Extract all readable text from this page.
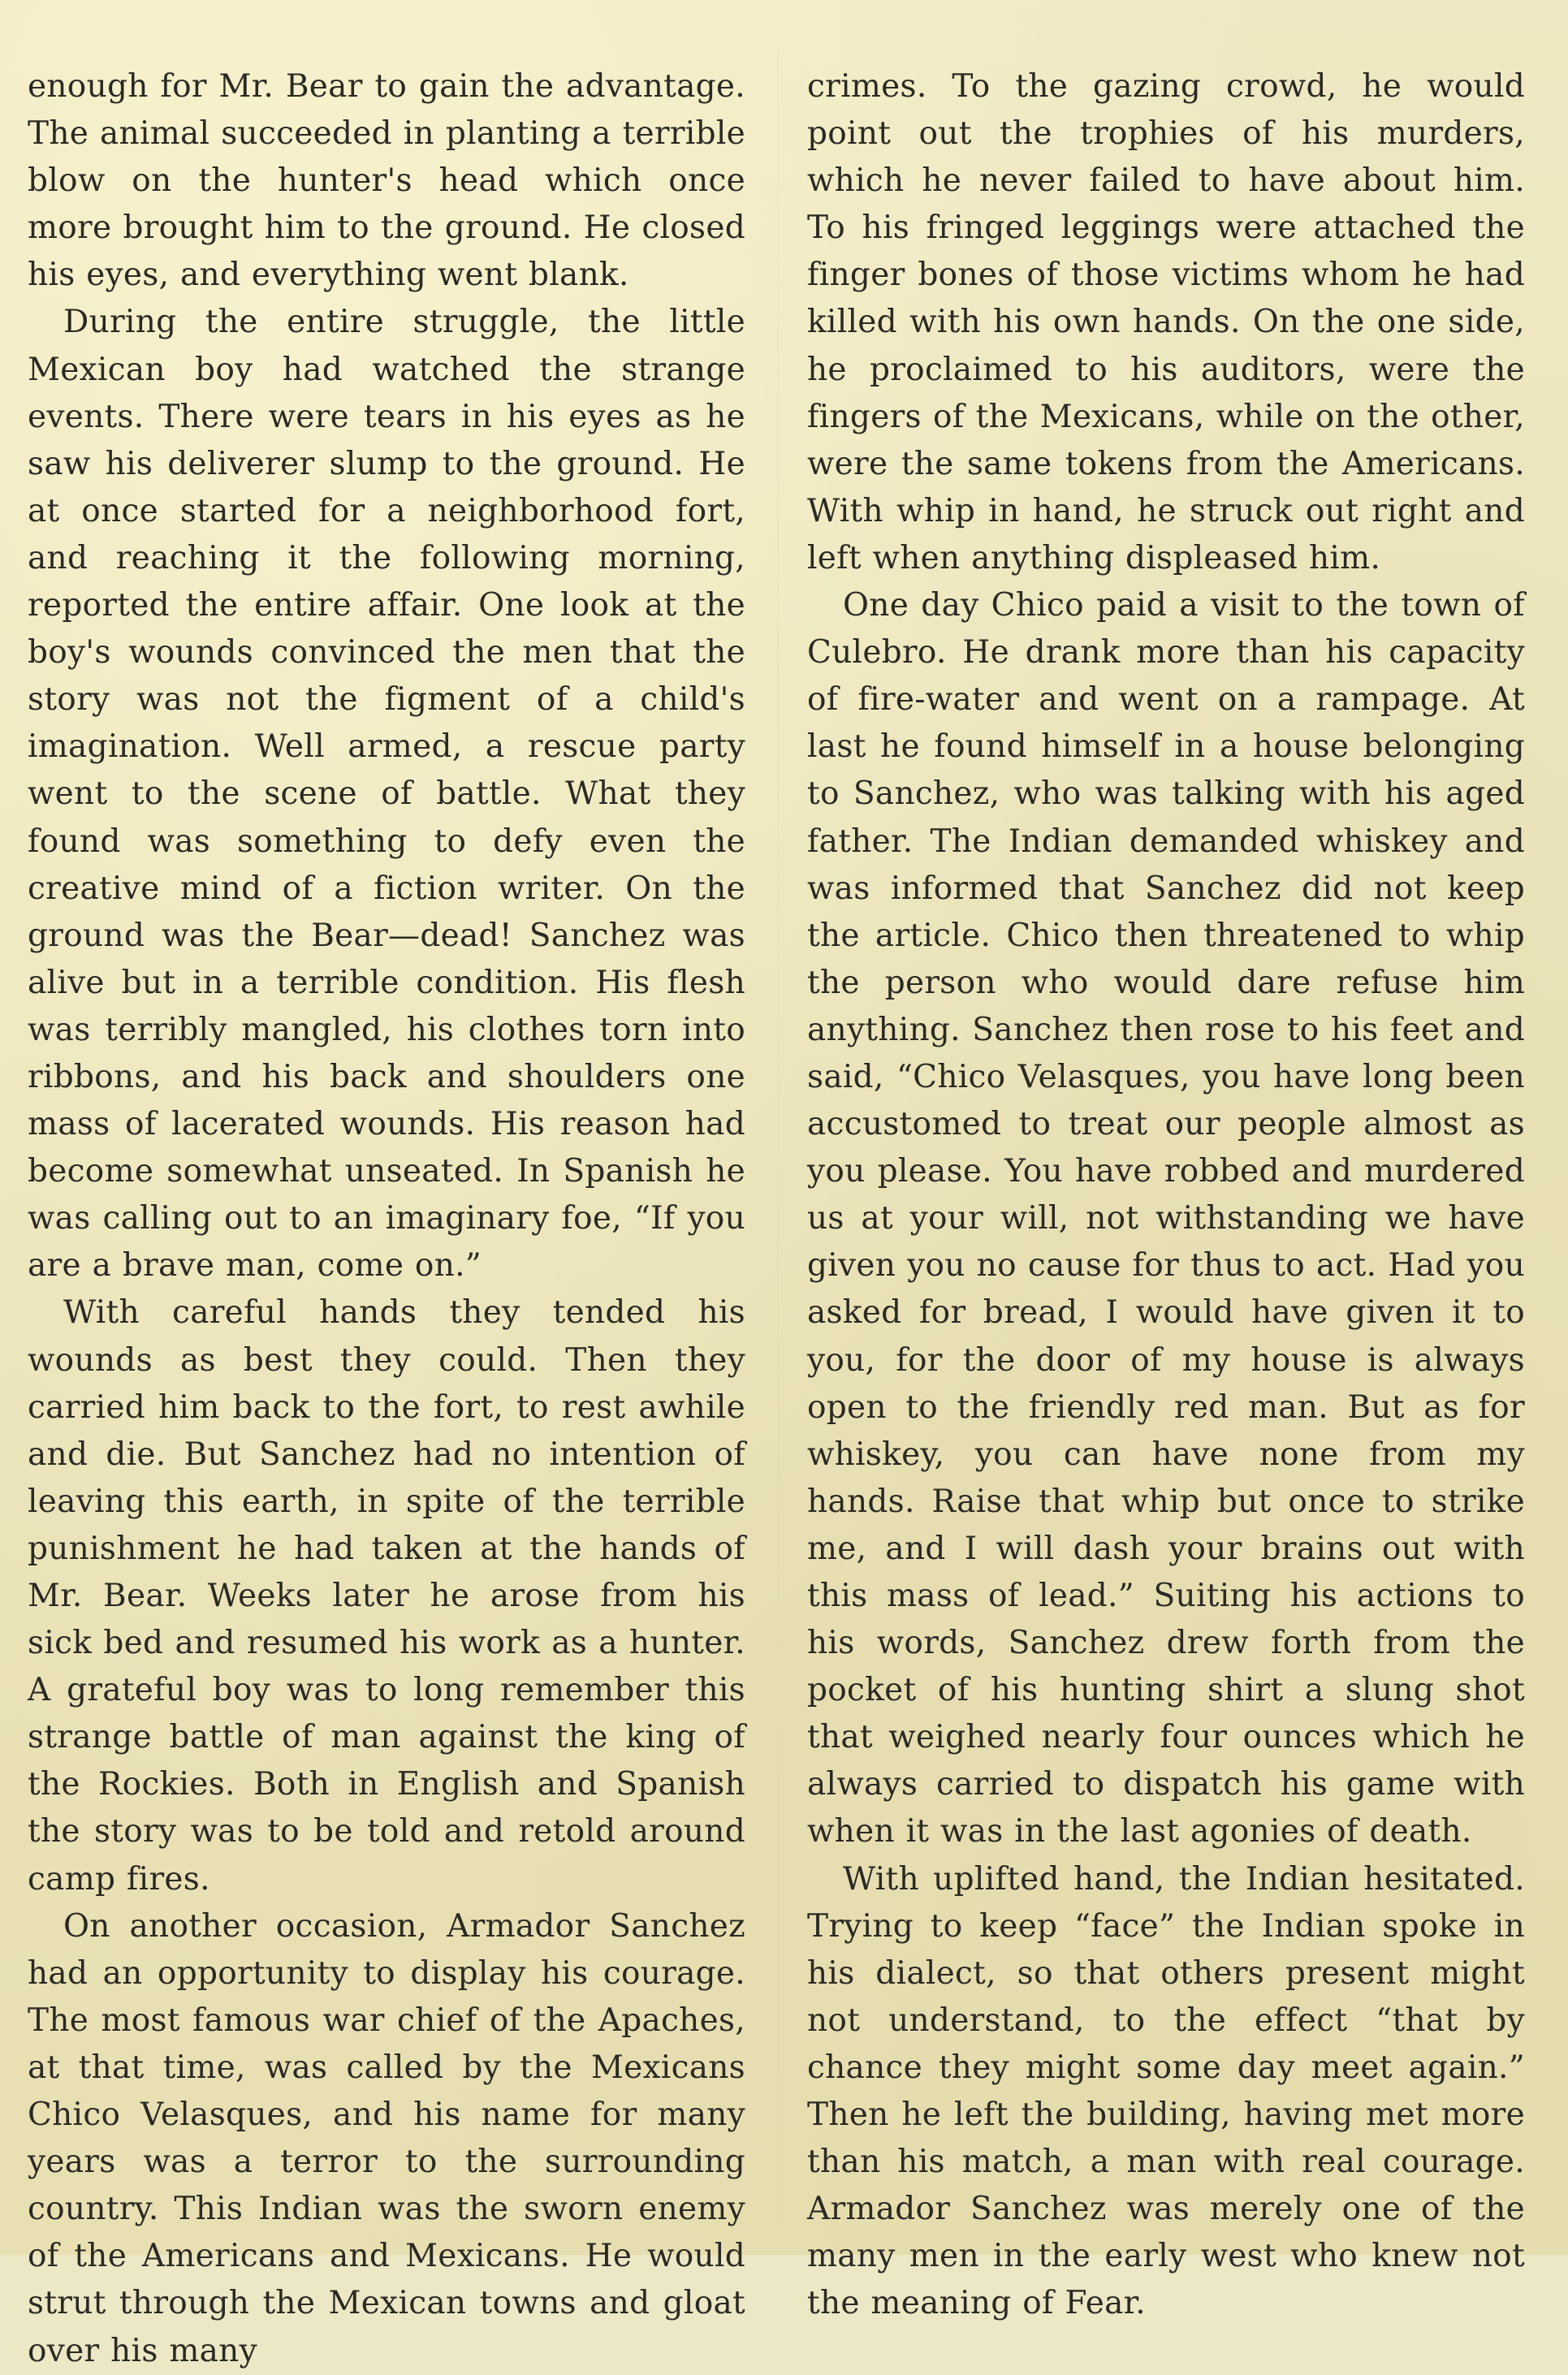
enough for Mr. Bear to gain the advantage. The animal succeeded in planting a terrible blow on the hunter's head which once more brought him to the ground. He closed his eyes, and everything went blank.

During the entire struggle, the little Mexican boy had watched the strange events. There were tears in his eyes as he saw his deliverer slump to the ground. He at once started for a neighborhood fort, and reaching it the following morning, reported the entire affair. One look at the boy's wounds convinced the men that the story was not the figment of a child's imagination. Well armed, a rescue party went to the scene of battle. What they found was something to defy even the creative mind of a fiction writer. On the ground was the Bear—dead! Sanchez was alive but in a terrible condition. His flesh was terribly mangled, his clothes torn into ribbons, and his back and shoulders one mass of lacerated wounds. His reason had become somewhat unseated. In Spanish he was calling out to an imaginary foe, “If you are a brave man, come on.”

With careful hands they tended his wounds as best they could. Then they carried him back to the fort, to rest awhile and die. But Sanchez had no intention of leaving this earth, in spite of the terrible punishment he had taken at the hands of Mr. Bear. Weeks later he arose from his sick bed and resumed his work as a hunter. A grateful boy was to long remember this strange battle of man against the king of the Rockies. Both in English and Spanish the story was to be told and retold around camp fires.

On another occasion, Armador Sanchez had an opportunity to display his courage. The most famous war chief of the Apaches, at that time, was called by the Mexicans Chico Velasques, and his name for many years was a terror to the surrounding country. This Indian was the sworn enemy of the Americans and Mexicans. He would strut through the Mexican towns and gloat over his many

crimes. To the gazing crowd, he would point out the trophies of his murders, which he never failed to have about him. To his fringed leggings were attached the finger bones of those victims whom he had killed with his own hands. On the one side, he proclaimed to his auditors, were the fingers of the Mexicans, while on the other, were the same tokens from the Americans. With whip in hand, he struck out right and left when anything displeased him.

One day Chico paid a visit to the town of Culebro. He drank more than his capacity of fire-water and went on a rampage. At last he found himself in a house belonging to Sanchez, who was talking with his aged father. The Indian demanded whiskey and was informed that Sanchez did not keep the article. Chico then threatened to whip the person who would dare refuse him anything. Sanchez then rose to his feet and said, “Chico Velasques, you have long been accustomed to treat our people almost as you please. You have robbed and murdered us at your will, not withstanding we have given you no cause for thus to act. Had you asked for bread, I would have given it to you, for the door of my house is always open to the friendly red man. But as for whiskey, you can have none from my hands. Raise that whip but once to strike me, and I will dash your brains out with this mass of lead.” Suiting his actions to his words, Sanchez drew forth from the pocket of his hunting shirt a slung shot that weighed nearly four ounces which he always carried to dispatch his game with when it was in the last agonies of death.

With uplifted hand, the Indian hesitated. Trying to keep “face” the Indian spoke in his dialect, so that others present might not understand, to the effect “that by chance they might some day meet again.” Then he left the building, having met more than his match, a man with real courage. Armador Sanchez was merely one of the many men in the early west who knew not the meaning of Fear.
